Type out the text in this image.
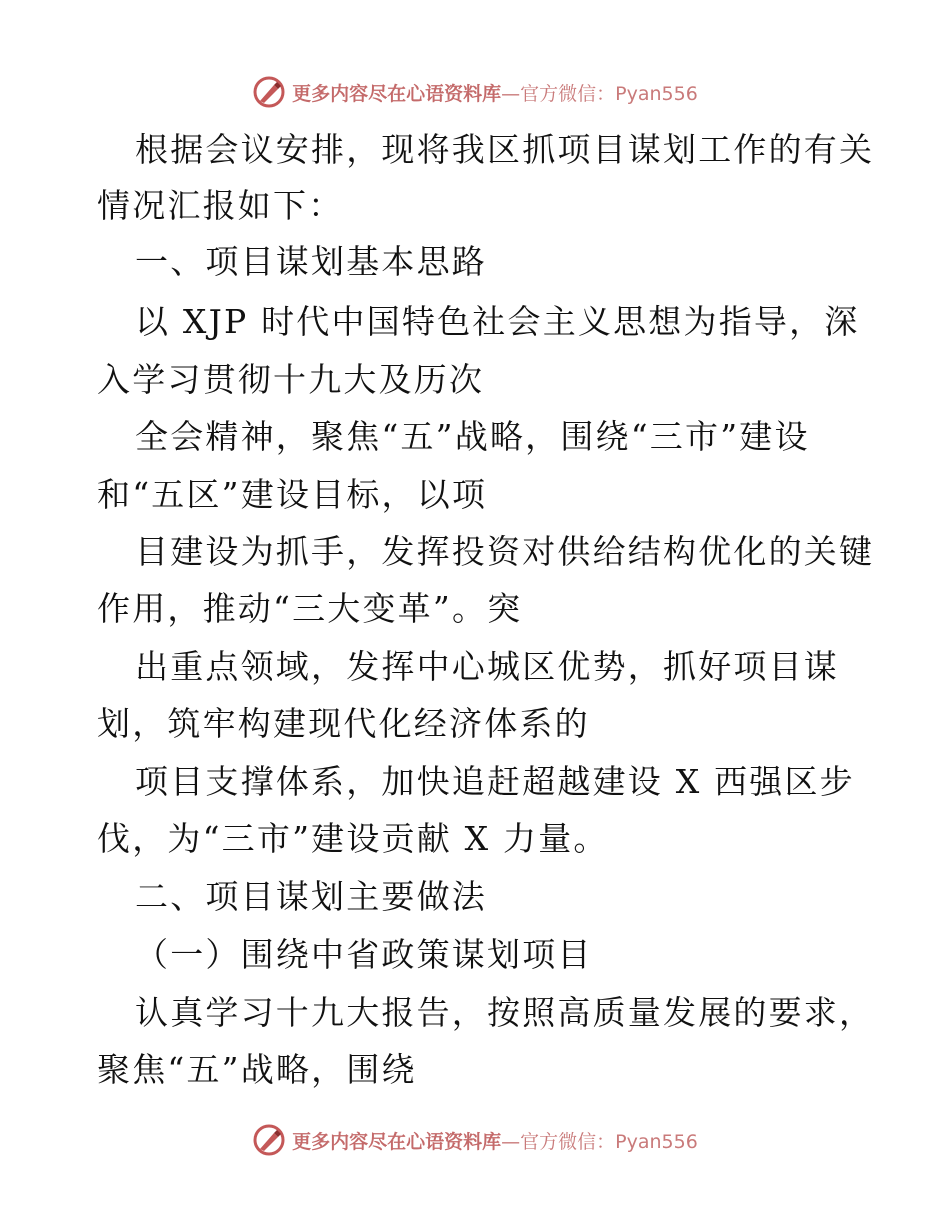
更多内容尽在心语资料库—官方微信：Pyan556
根据会议安排，现将我区抓项目谋划工作的有关
情况汇报如下：
一、项目谋划基本思路
以 XJP 时代中国特色社会主义思想为指导，深
入学习贯彻十九大及历次
全会精神，聚焦“五”战略，围绕“三市”建设
和“五区”建设目标，以项
目建设为抓手，发挥投资对供给结构优化的关键
作用，推动“三大变革”。突
出重点领域，发挥中心城区优势，抓好项目谋
划，筑牢构建现代化经济体系的
项目支撑体系，加快追赶超越建设 X 西强区步
伐，为“三市”建设贡献 X 力量。
二、项目谋划主要做法
（一）围绕中省政策谋划项目
认真学习十九大报告，按照高质量发展的要求，
聚焦“五”战略，围绕
更多内容尽在心语资料库—官方微信：Pyan556
